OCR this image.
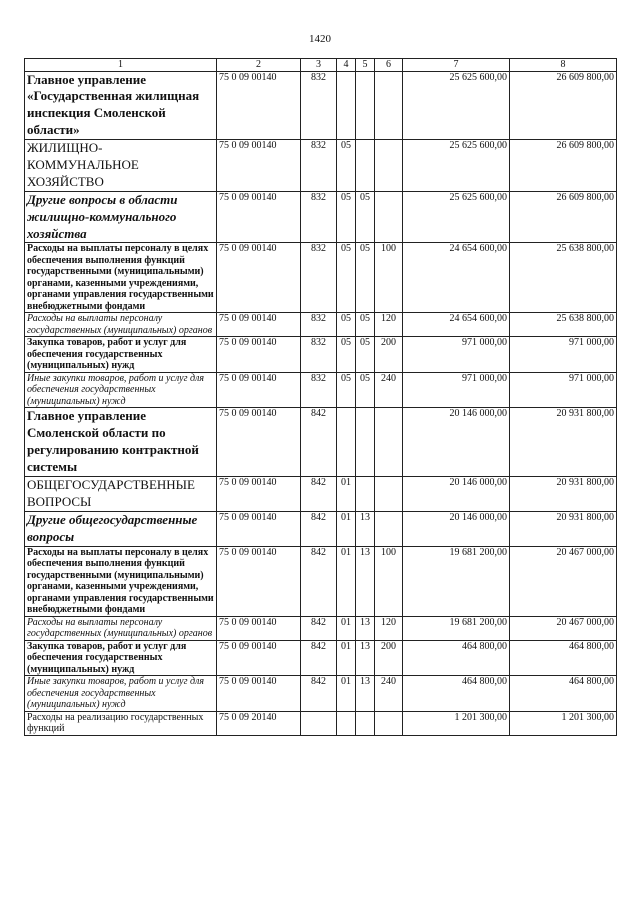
1420
1	2	3	4	5	6	7	8
Главное управление «Государственная жилищная инспекция Смоленской области»	75 0 09 00140	832				25 625 600,00	26 609 800,00
ЖИЛИЩНО-КОММУНАЛЬНОЕ ХОЗЯЙСТВО	75 0 09 00140	832	05			25 625 600,00	26 609 800,00
Другие вопросы в области жилищно-коммунального хозяйства	75 0 09 00140	832	05	05		25 625 600,00	26 609 800,00
Расходы на выплаты персоналу в целях обеспечения выполнения функций государственными (муниципальными) органами, казенными учреждениями, органами управления государственными внебюджетными фондами	75 0 09 00140	832	05	05	100	24 654 600,00	25 638 800,00
Расходы на выплаты персоналу государственных (муниципальных) органов	75 0 09 00140	832	05	05	120	24 654 600,00	25 638 800,00
Закупка товаров, работ и услуг для обеспечения государственных (муниципальных) нужд	75 0 09 00140	832	05	05	200	971 000,00	971 000,00
Иные закупки товаров, работ и услуг для обеспечения государственных (муниципальных) нужд	75 0 09 00140	832	05	05	240	971 000,00	971 000,00
Главное управление Смоленской области по регулированию контрактной системы	75 0 09 00140	842				20 146 000,00	20 931 800,00
ОБЩЕГОСУДАРСТВЕННЫЕ ВОПРОСЫ	75 0 09 00140	842	01			20 146 000,00	20 931 800,00
Другие общегосударственные вопросы	75 0 09 00140	842	01	13		20 146 000,00	20 931 800,00
Расходы на выплаты персоналу в целях обеспечения выполнения функций государственными (муниципальными) органами, казенными учреждениями, органами управления государственными внебюджетными фондами	75 0 09 00140	842	01	13	100	19 681 200,00	20 467 000,00
Расходы на выплаты персоналу государственных (муниципальных) органов	75 0 09 00140	842	01	13	120	19 681 200,00	20 467 000,00
Закупка товаров, работ и услуг для обеспечения государственных (муниципальных) нужд	75 0 09 00140	842	01	13	200	464 800,00	464 800,00
Иные закупки товаров, работ и услуг для обеспечения государственных (муниципальных) нужд	75 0 09 00140	842	01	13	240	464 800,00	464 800,00
Расходы на реализацию государственных функций	75 0 09 20140					1 201 300,00	1 201 300,00
